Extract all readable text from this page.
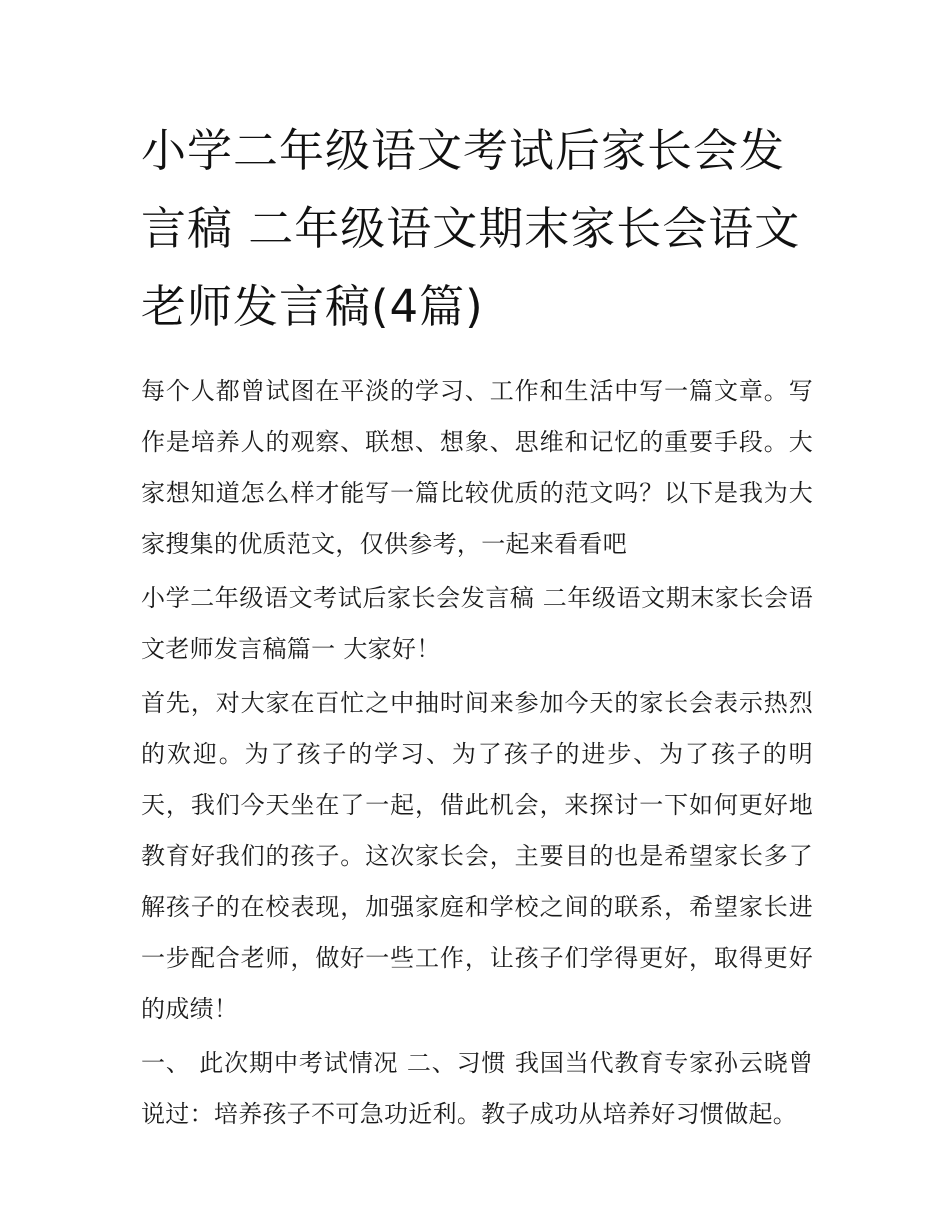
小学二年级语文考试后家长会发言稿 二年级语文期末家长会语文老师发言稿(4篇)

每个人都曾试图在平淡的学习、工作和生活中写一篇文章。写作是培养人的观察、联想、想象、思维和记忆的重要手段。大家想知道怎么样才能写一篇比较优质的范文吗？以下是我为大家搜集的优质范文，仅供参考，一起来看看吧

小学二年级语文考试后家长会发言稿 二年级语文期末家长会语文老师发言稿篇一 大家好！

首先，对大家在百忙之中抽时间来参加今天的家长会表示热烈的欢迎。为了孩子的学习、为了孩子的进步、为了孩子的明天，我们今天坐在了一起，借此机会，来探讨一下如何更好地教育好我们的孩子。这次家长会，主要目的也是希望家长多了解孩子的在校表现，加强家庭和学校之间的联系，希望家长进一步配合老师，做好一些工作，让孩子们学得更好，取得更好的成绩！

一、 此次期中考试情况 二、习惯 我国当代教育专家孙云晓曾说过：培养孩子不可急功近利。教子成功从培养好习惯做起。
